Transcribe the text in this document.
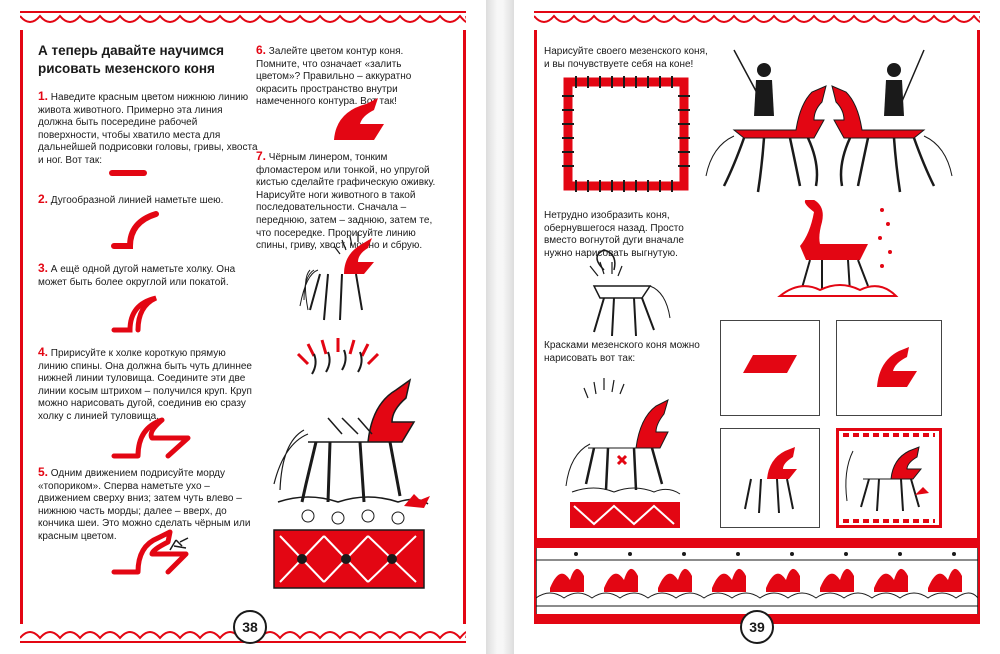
А теперь давайте научимся рисовать мезенского коня
1. Наведите красным цветом нижнюю линию живота животного. Примерно эта линия должна быть посередине рабочей поверхности, чтобы хватило места для дальнейшей подрисовки головы, гривы, хвоста и ног. Вот так:
2. Дугообразной линией наметьте шею.
3. А ещё одной дугой наметьте холку. Она может быть более округлой или покатой.
4. Пририсуйте к холке короткую прямую линию спины. Она должна быть чуть длиннее нижней линии туловища. Соедините эти две линии косым штрихом – получился круп. Круп можно нарисовать дугой, соединив ею сразу холку с линией туловища.
5. Одним движением подрисуйте морду «топориком». Сперва наметьте ухо – движением сверху вниз; затем чуть влево – нижнюю часть морды; далее – вверх, до кончика шеи. Это можно сделать чёрным или красным цветом.
6. Залейте цветом контур коня. Помните, что означает «залить цветом»? Правильно – аккуратно окрасить пространство внутри намеченного контура. Вот так!
7. Чёрным линером, тонким фломастером или тонкой, но упругой кистью сделайте графическую оживку. Нарисуйте ноги животного в такой последовательности. Сначала – переднюю, затем – заднюю, затем те, что посередке. Прорисуйте линию спины, гриву, хвост, можно и сбрую.
38
Нарисуйте своего мезенского коня, и вы почувствуете себя на коне!
Нетрудно изобразить коня, обернувшегося назад. Просто вместо вогнутой дуги вначале нужно нарисовать выгнутую.
Красками мезенского коня можно нарисовать вот так:
39
